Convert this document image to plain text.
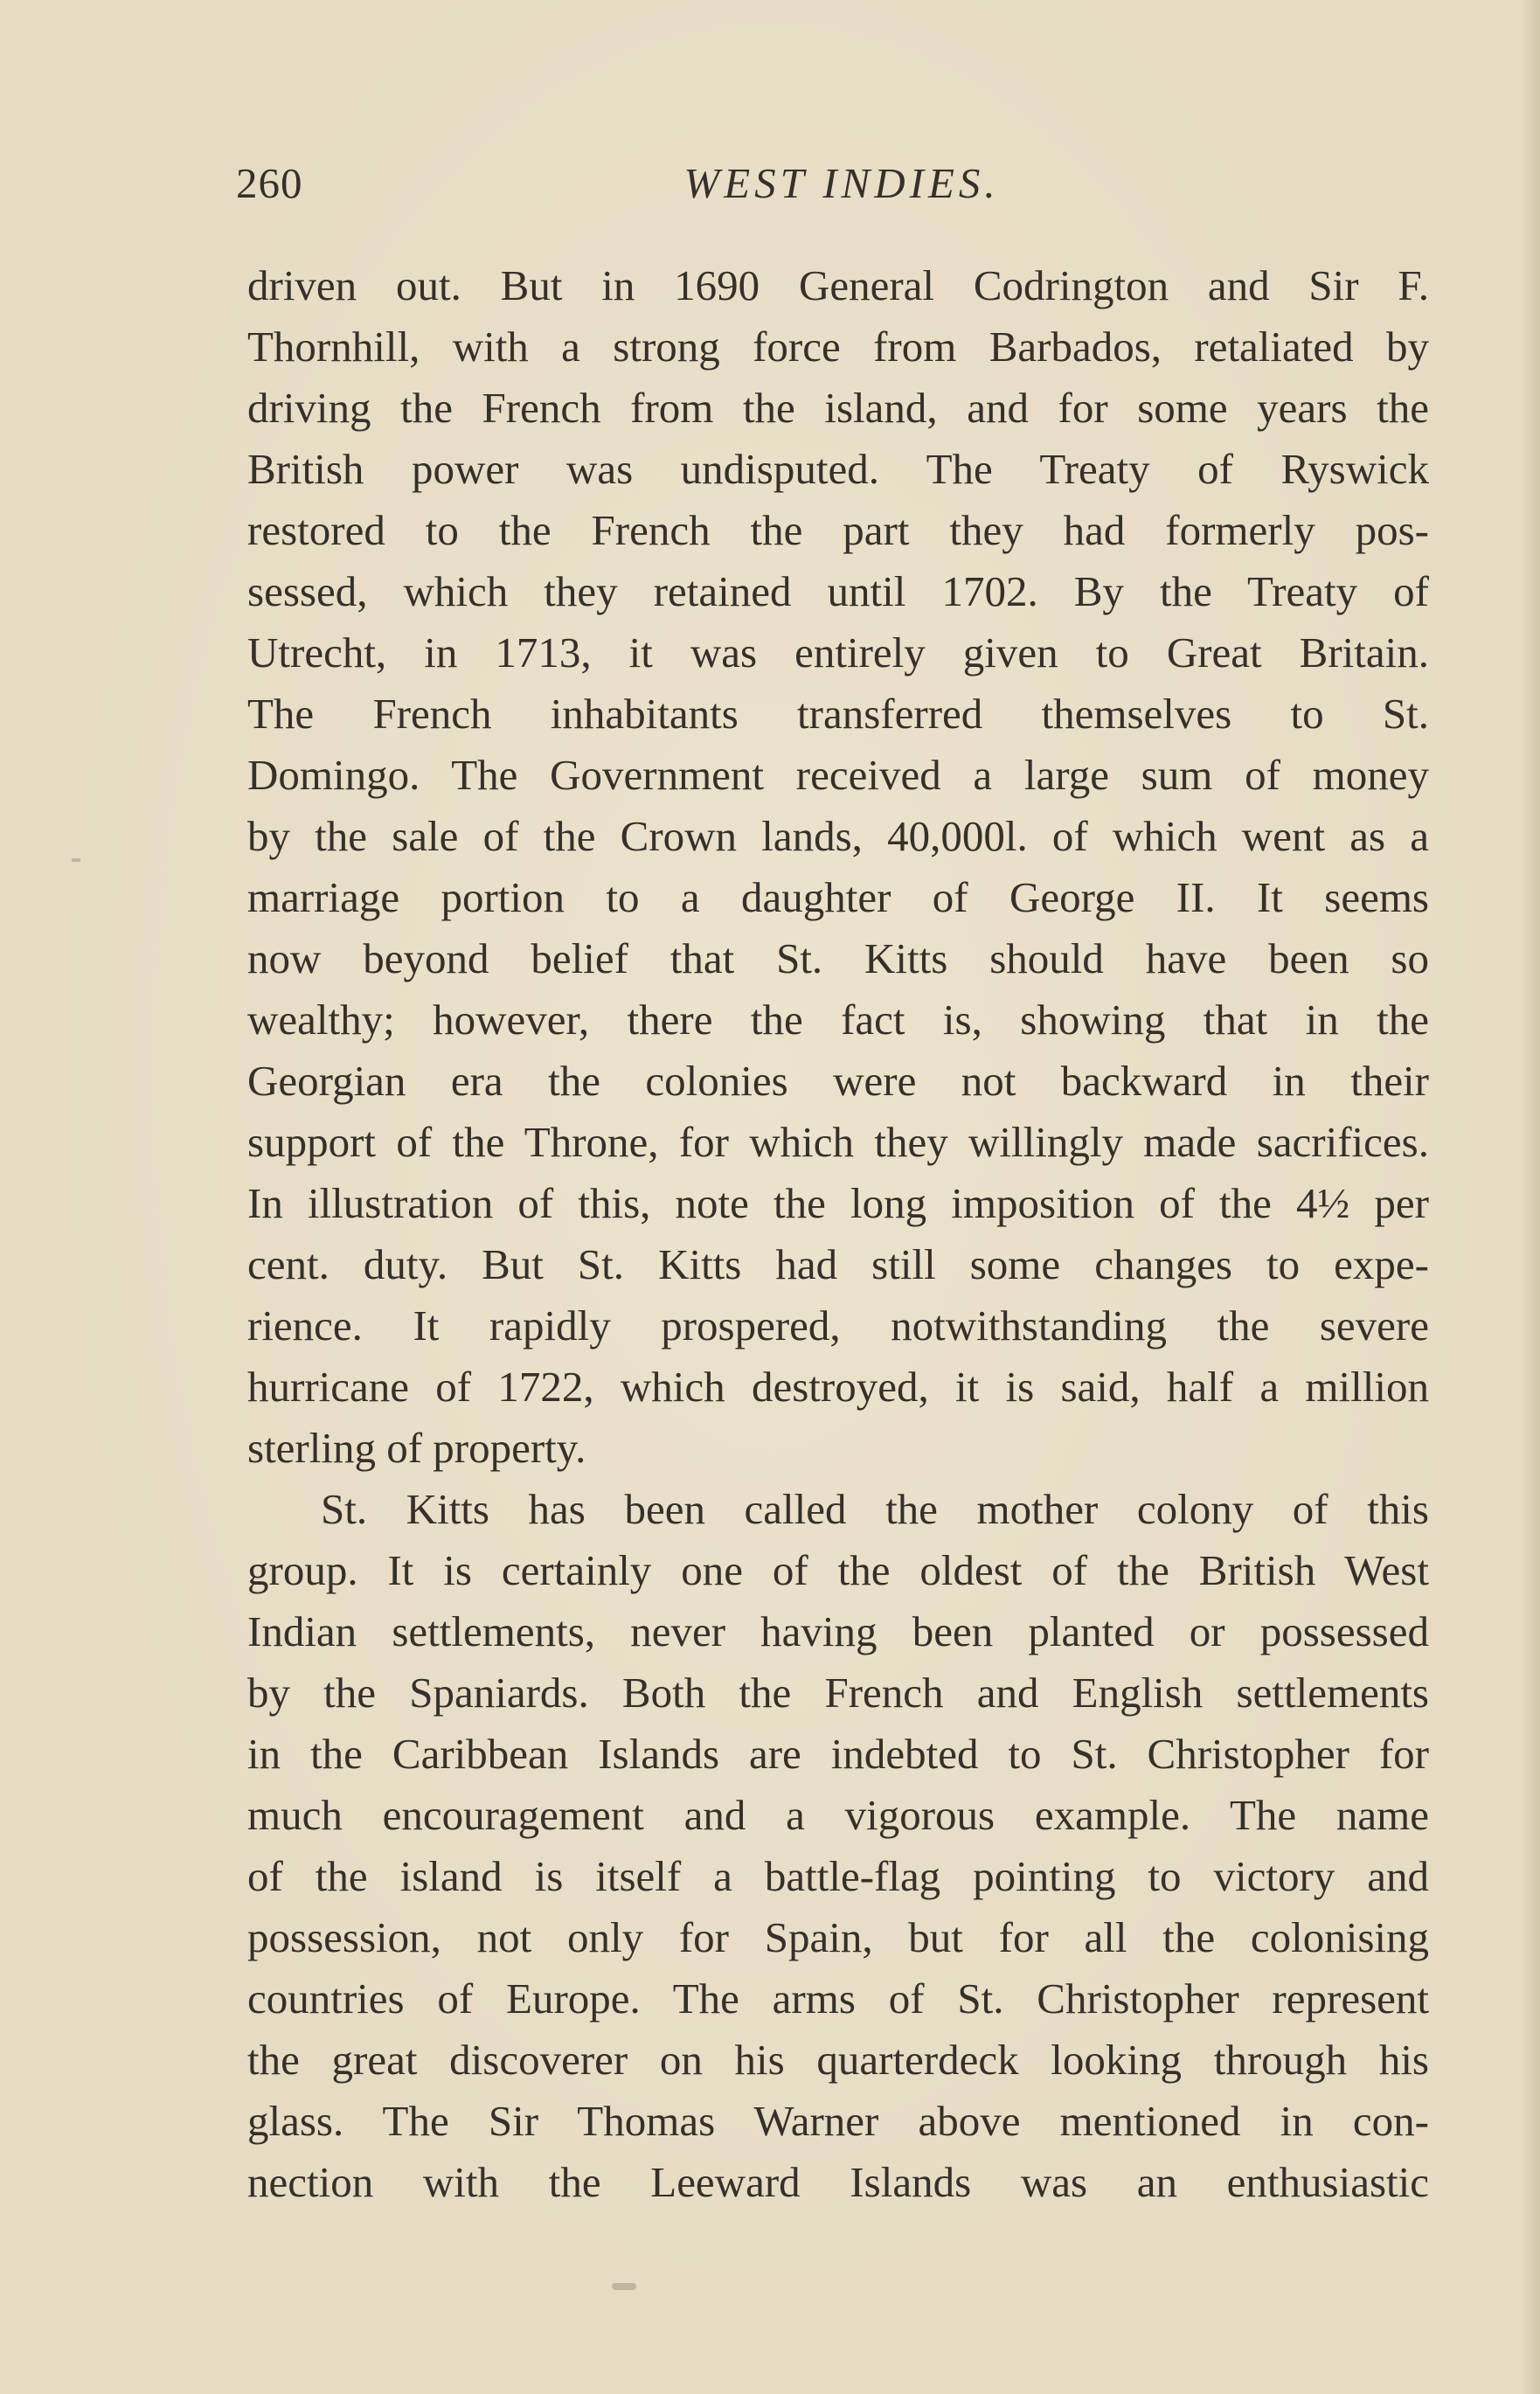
260	WEST INDIES.
driven out. But in 1690 General Codrington and Sir F.
Thornhill, with a strong force from Barbados, retaliated by
driving the French from the island, and for some years the
British power was undisputed. The Treaty of Ryswick
restored to the French the part they had formerly pos-
sessed, which they retained until 1702. By the Treaty of
Utrecht, in 1713, it was entirely given to Great Britain.
The French inhabitants transferred themselves to St.
Domingo. The Government received a large sum of money
by the sale of the Crown lands, 40,000l. of which went as a
marriage portion to a daughter of George II. It seems
now beyond belief that St. Kitts should have been so
wealthy; however, there the fact is, showing that in the
Georgian era the colonies were not backward in their
support of the Throne, for which they willingly made sacrifices.
In illustration of this, note the long imposition of the 4½ per
cent. duty. But St. Kitts had still some changes to expe-
rience. It rapidly prospered, notwithstanding the severe
hurricane of 1722, which destroyed, it is said, half a million
sterling of property.
St. Kitts has been called the mother colony of this
group. It is certainly one of the oldest of the British West
Indian settlements, never having been planted or possessed
by the Spaniards. Both the French and English settlements
in the Caribbean Islands are indebted to St. Christopher for
much encouragement and a vigorous example. The name
of the island is itself a battle-flag pointing to victory and
possession, not only for Spain, but for all the colonising
countries of Europe. The arms of St. Christopher represent
the great discoverer on his quarterdeck looking through his
glass. The Sir Thomas Warner above mentioned in con-
nection with the Leeward Islands was an enthusiastic
